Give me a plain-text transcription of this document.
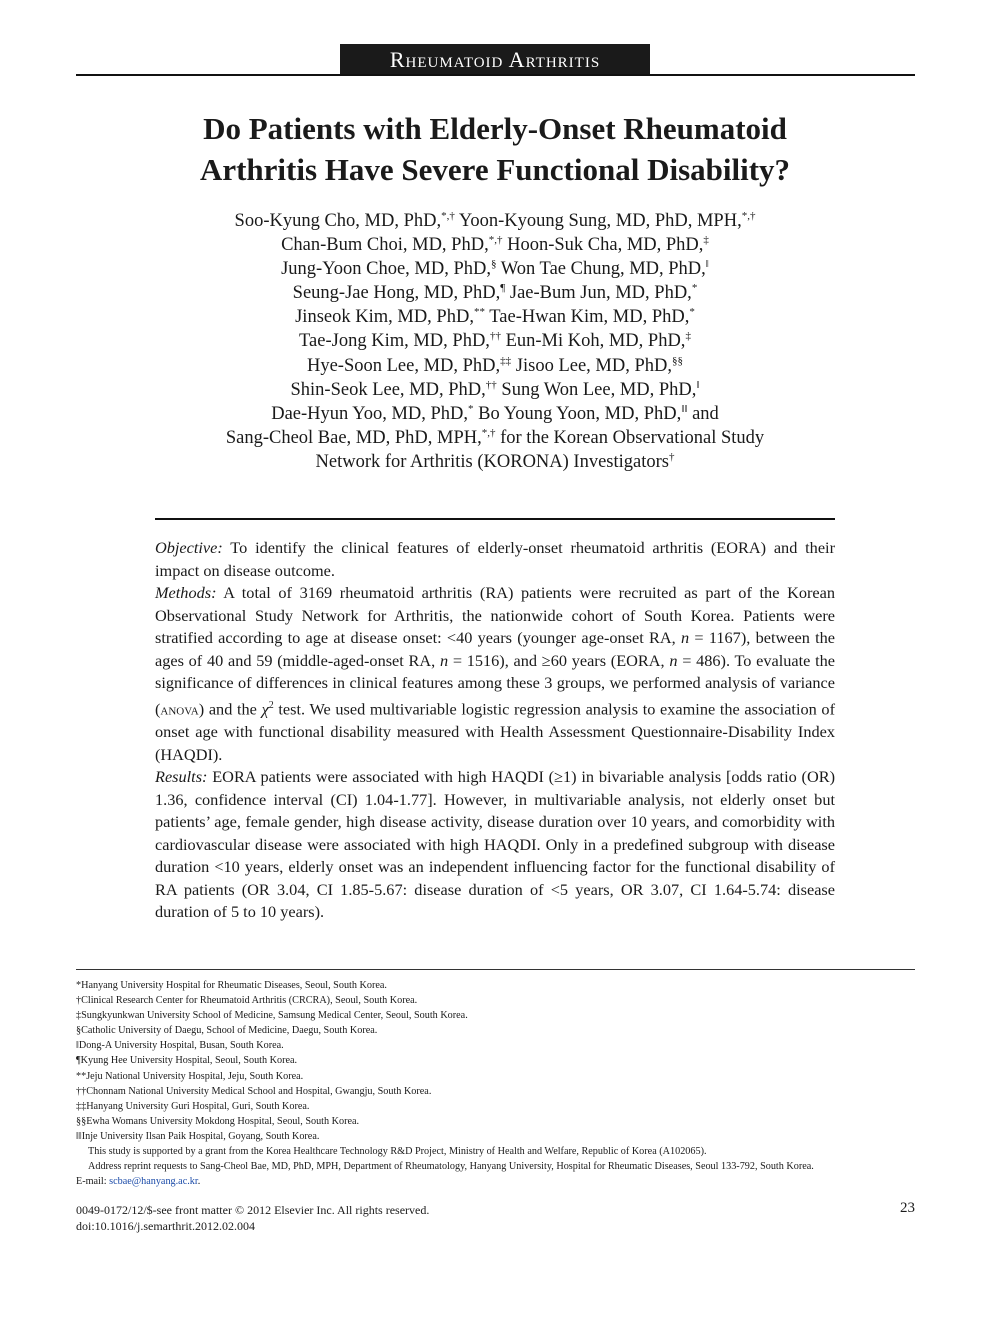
Rheumatoid Arthritis
Do Patients with Elderly-Onset Rheumatoid
Arthritis Have Severe Functional Disability?
Soo-Kyung Cho, MD, PhD,*,† Yoon-Kyoung Sung, MD, PhD, MPH,*,†
Chan-Bum Choi, MD, PhD,*,† Hoon-Suk Cha, MD, PhD,‡
Jung-Yoon Choe, MD, PhD,§ Won Tae Chung, MD, PhD,‖
Seung-Jae Hong, MD, PhD,¶ Jae-Bum Jun, MD, PhD,*
Jinseok Kim, MD, PhD,** Tae-Hwan Kim, MD, PhD,*
Tae-Jong Kim, MD, PhD,†† Eun-Mi Koh, MD, PhD,‡
Hye-Soon Lee, MD, PhD,‡‡ Jisoo Lee, MD, PhD,§§
Shin-Seok Lee, MD, PhD,†† Sung Won Lee, MD, PhD,‖
Dae-Hyun Yoo, MD, PhD,* Bo Young Yoon, MD, PhD,‖‖ and
Sang-Cheol Bae, MD, PhD, MPH,*,† for the Korean Observational Study
Network for Arthritis (KORONA) Investigators†

Objective: To identify the clinical features of elderly-onset rheumatoid arthritis (EORA) and their impact on disease outcome.

Methods: A total of 3169 rheumatoid arthritis (RA) patients were recruited as part of the Korean Observational Study Network for Arthritis, the nationwide cohort of South Korea. Patients were stratified according to age at disease onset: <40 years (younger age-onset RA, n = 1167), between the ages of 40 and 59 (middle-aged-onset RA, n = 1516), and ≥60 years (EORA, n = 486). To evaluate the significance of differences in clinical features among these 3 groups, we performed analysis of variance (anova) and the $\chi^2$ test. We used multivariable logistic regression analysis to examine the association of onset age with functional disability measured with Health Assessment Questionnaire-Disability Index (HAQDI).

Results: EORA patients were associated with high HAQDI (≥1) in bivariable analysis [odds ratio (OR) 1.36, confidence interval (CI) 1.04-1.77]. However, in multivariable analysis, not elderly onset but patients’ age, female gender, high disease activity, disease duration over 10 years, and comorbidity with cardiovascular disease were associated with high HAQDI. Only in a predefined subgroup with disease duration <10 years, elderly onset was an independent influencing factor for the functional disability of RA patients (OR 3.04, CI 1.85-5.67: disease duration of <5 years, OR 3.07, CI 1.64-5.74: disease duration of 5 to 10 years).

*Hanyang University Hospital for Rheumatic Diseases, Seoul, South Korea.
†Clinical Research Center for Rheumatoid Arthritis (CRCRA), Seoul, South Korea.
‡Sungkyunkwan University School of Medicine, Samsung Medical Center, Seoul, South Korea.
§Catholic University of Daegu, School of Medicine, Daegu, South Korea.
‖Dong-A University Hospital, Busan, South Korea.
¶Kyung Hee University Hospital, Seoul, South Korea.
**Jeju National University Hospital, Jeju, South Korea.
††Chonnam National University Medical School and Hospital, Gwangju, South Korea.
‡‡Hanyang University Guri Hospital, Guri, South Korea.
§§Ewha Womans University Mokdong Hospital, Seoul, South Korea.
‖‖Inje University Ilsan Paik Hospital, Goyang, South Korea.
This study is supported by a grant from the Korea Healthcare Technology R&D Project, Ministry of Health and Welfare, Republic of Korea (A102065).
Address reprint requests to Sang-Cheol Bae, MD, PhD, MPH, Department of Rheumatology, Hanyang University, Hospital for Rheumatic Diseases, Seoul 133-792, South Korea.
E-mail: scbae@hanyang.ac.kr.
0049-0172/12/$-see front matter © 2012 Elsevier Inc. All rights reserved.
doi:10.1016/j.semarthrit.2012.02.004
23
